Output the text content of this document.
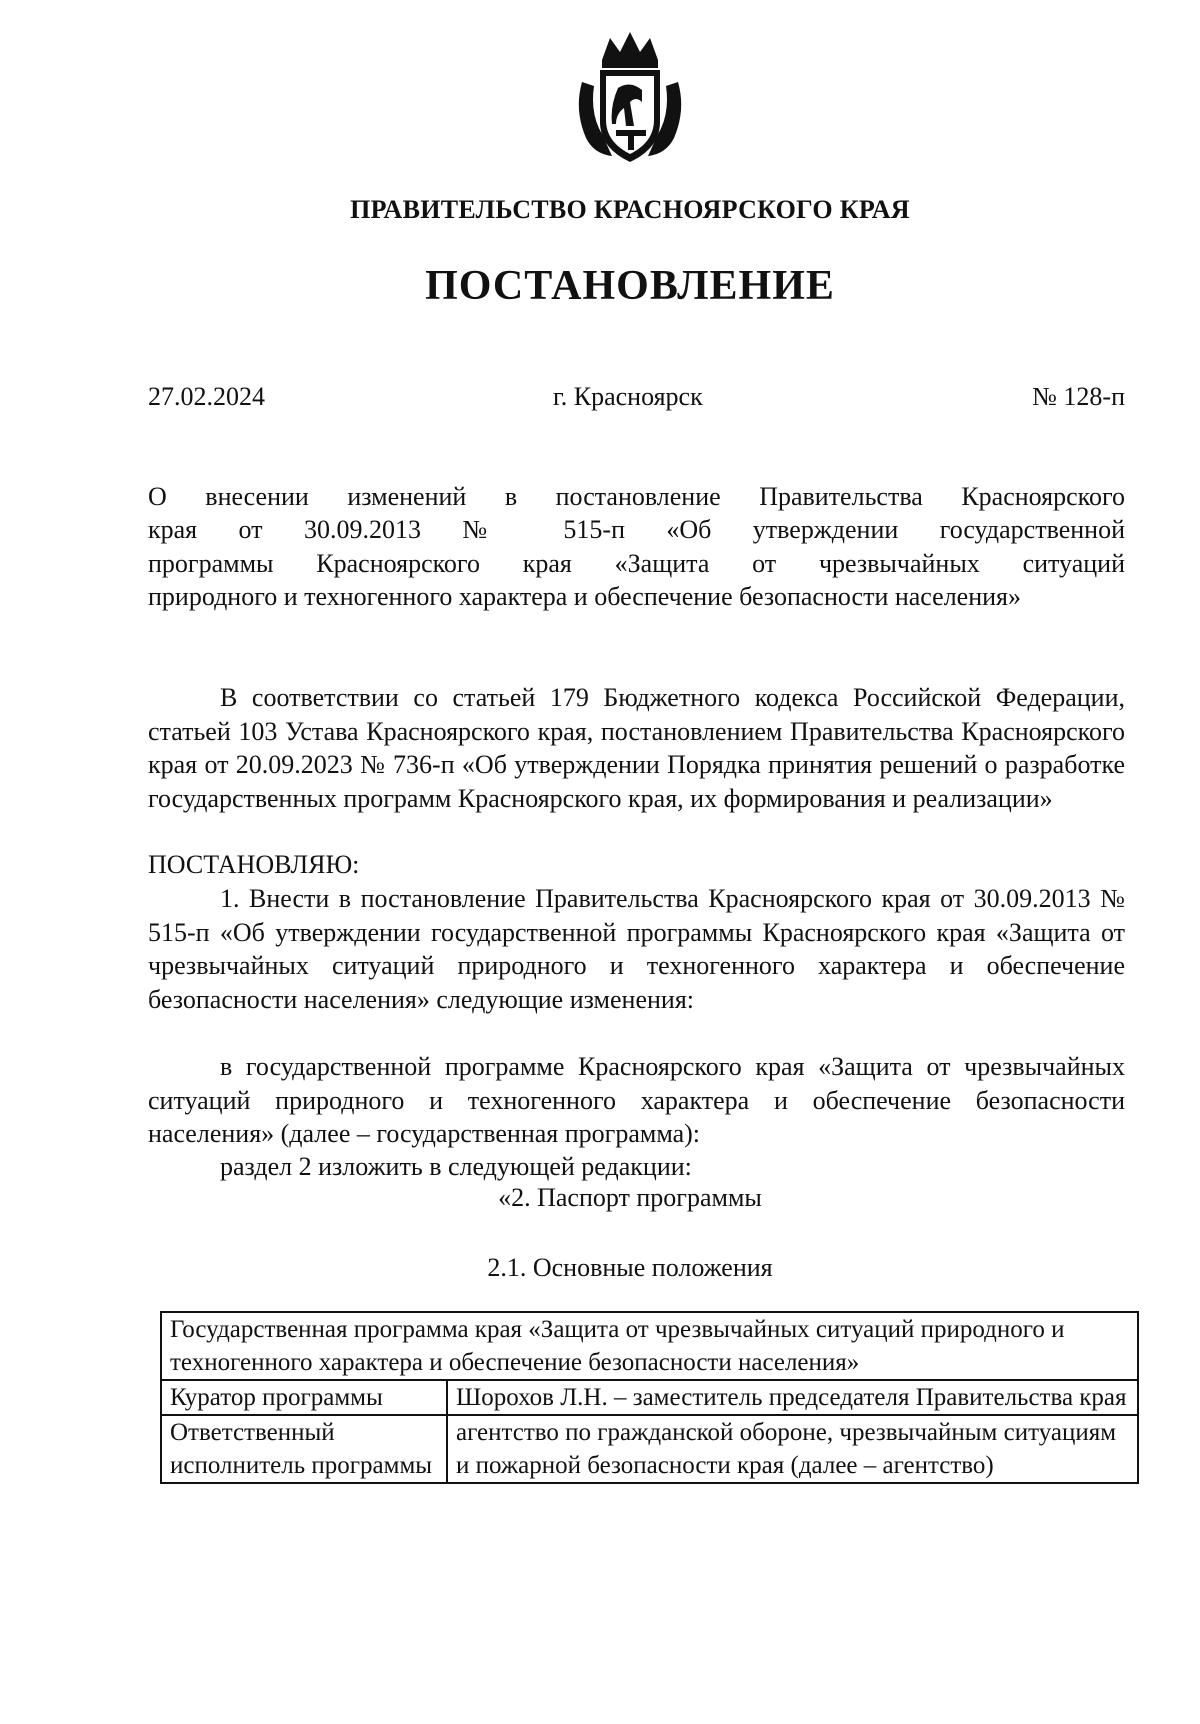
ПРАВИТЕЛЬСТВО КРАСНОЯРСКОГО КРАЯ
ПОСТАНОВЛЕНИЕ
27.02.2024	г. Красноярск	№ 128-п

О внесении изменений в постановление Правительства Красноярского

края от 30.09.2013 № 515-п «Об утверждении государственной

программы Красноярского края «Защита от чрезвычайных ситуаций

природного и техногенного характера и обеспечение безопасности населения»

В соответствии со статьей 179 Бюджетного кодекса Российской Федерации, статьей 103 Устава Красноярского края, постановлением Правительства Красноярского края от 20.09.2023 № 736-п «Об утверждении Порядка принятия решений о разработке государственных программ Красноярского края, их формирования и реализации»

ПОСТАНОВЛЯЮ:

1. Внести в постановление Правительства Красноярского края от 30.09.2013 № 515-п «Об утверждении государственной программы Красноярского края «Защита от чрезвычайных ситуаций природного и техногенного характера и обеспечение безопасности населения» следующие изменения:

в государственной программе Красноярского края «Защита от чрезвычайных ситуаций природного и техногенного характера и обеспечение безопасности населения» (далее – государственная программа):

раздел 2 изложить в следующей редакции:

«2. Паспорт программы
2.1. Основные положения
Государственная программа края «Защита от чрезвычайных ситуаций природного и техногенного характера и обеспечение безопасности населения»	
Куратор программы	Шорохов Л.Н. – заместитель председателя Правительства края
Ответственный исполнитель программы	агентство по гражданской обороне, чрезвычайным ситуациям и пожарной безопасности края (далее – агентство)
